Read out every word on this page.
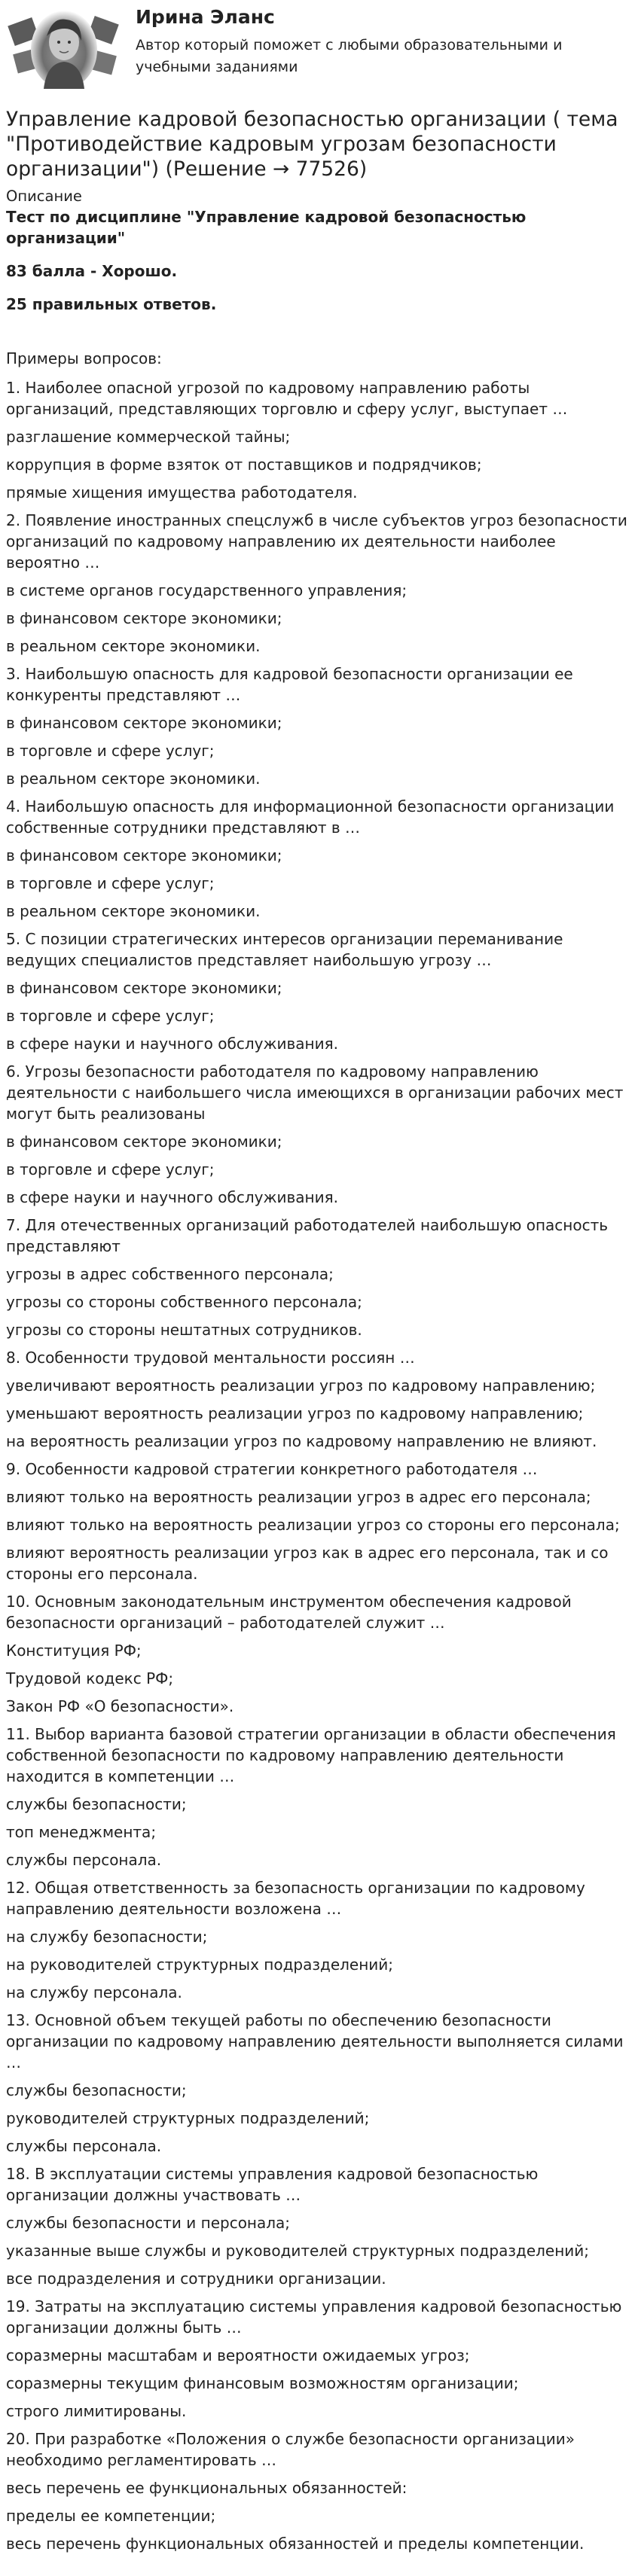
Ирина Эланс
Автор который поможет с любыми образовательными и учебными заданиями
Управление кадровой безопасностью организации ( тема "Противодействие кадровым угрозам безопасности организации") (Решение → 77526)
Описание
Тест по дисциплине "Управление кадровой безопасностью организации"
83 балла - Хорошо.
25 правильных ответов.
Примеры вопросов:
1. Наиболее опасной угрозой по кадровому направлению работы организаций, представляющих торговлю и сферу услуг, выступает …
разглашение коммерческой тайны;
коррупция в форме взяток от поставщиков и подрядчиков;
прямые хищения имущества работодателя.
2. Появление иностранных спецслужб в числе субъектов угроз безопасности организаций по кадровому направлению их деятельности наиболее вероятно …
в системе органов государственного управления;
в финансовом секторе экономики;
в реальном секторе экономики.
3. Наибольшую опасность для кадровой безопасности организации ее конкуренты представляют …
в финансовом секторе экономики;
в торговле и сфере услуг;
в реальном секторе экономики.
4. Наибольшую опасность для информационной безопасности организации собственные сотрудники представляют в …
в финансовом секторе экономики;
в торговле и сфере услуг;
в реальном секторе экономики.
5. С позиции стратегических интересов организации переманивание ведущих специалистов представляет наибольшую угрозу …
в финансовом секторе экономики;
в торговле и сфере услуг;
в сфере науки и научного обслуживания.
6. Угрозы безопасности работодателя по кадровому направлению деятельности с наибольшего числа имеющихся в организации рабочих мест могут быть реализованы
в финансовом секторе экономики;
в торговле и сфере услуг;
в сфере науки и научного обслуживания.
7. Для отечественных организаций работодателей наибольшую опасность представляют
угрозы в адрес собственного персонала;
угрозы со стороны собственного персонала;
угрозы со стороны нештатных сотрудников.
8. Особенности трудовой ментальности россиян …
увеличивают вероятность реализации угроз по кадровому направлению;
уменьшают вероятность реализации угроз по кадровому направлению;
на вероятность реализации угроз по кадровому направлению не влияют.
9. Особенности кадровой стратегии конкретного работодателя …
влияют только на вероятность реализации угроз в адрес его персонала;
влияют только на вероятность реализации угроз со стороны его персонала;
влияют вероятность реализации угроз как в адрес его персонала, так и со стороны его персонала.
10. Основным законодательным инструментом обеспечения кадровой безопасности организаций – работодателей служит …
Конституция РФ;
Трудовой кодекс РФ;
Закон РФ «О безопасности».
11. Выбор варианта базовой стратегии организации в области обеспечения собственной безопасности по кадровому направлению деятельности находится в компетенции …
службы безопасности;
топ менеджмента;
службы персонала.
12. Общая ответственность за безопасность организации по кадровому направлению деятельности возложена …
на службу безопасности;
на руководителей структурных подразделений;
на службу персонала.
13. Основной объем текущей работы по обеспечению безопасности организации по кадровому направлению деятельности выполняется силами …
службы безопасности;
руководителей структурных подразделений;
службы персонала.
18. В эксплуатации системы управления кадровой безопасностью организации должны участвовать …
службы безопасности и персонала;
указанные выше службы и руководителей структурных подразделений;
все подразделения и сотрудники организации.
19. Затраты на эксплуатацию системы управления кадровой безопасностью организации должны быть …
соразмерны масштабам и вероятности ожидаемых угроз;
соразмерны текущим финансовым возможностям организации;
строго лимитированы.
20. При разработке «Положения о службе безопасности организации» необходимо регламентировать …
весь перечень ее функциональных обязанностей:
пределы ее компетенции;
весь перечень функциональных обязанностей и пределы компетенции.
